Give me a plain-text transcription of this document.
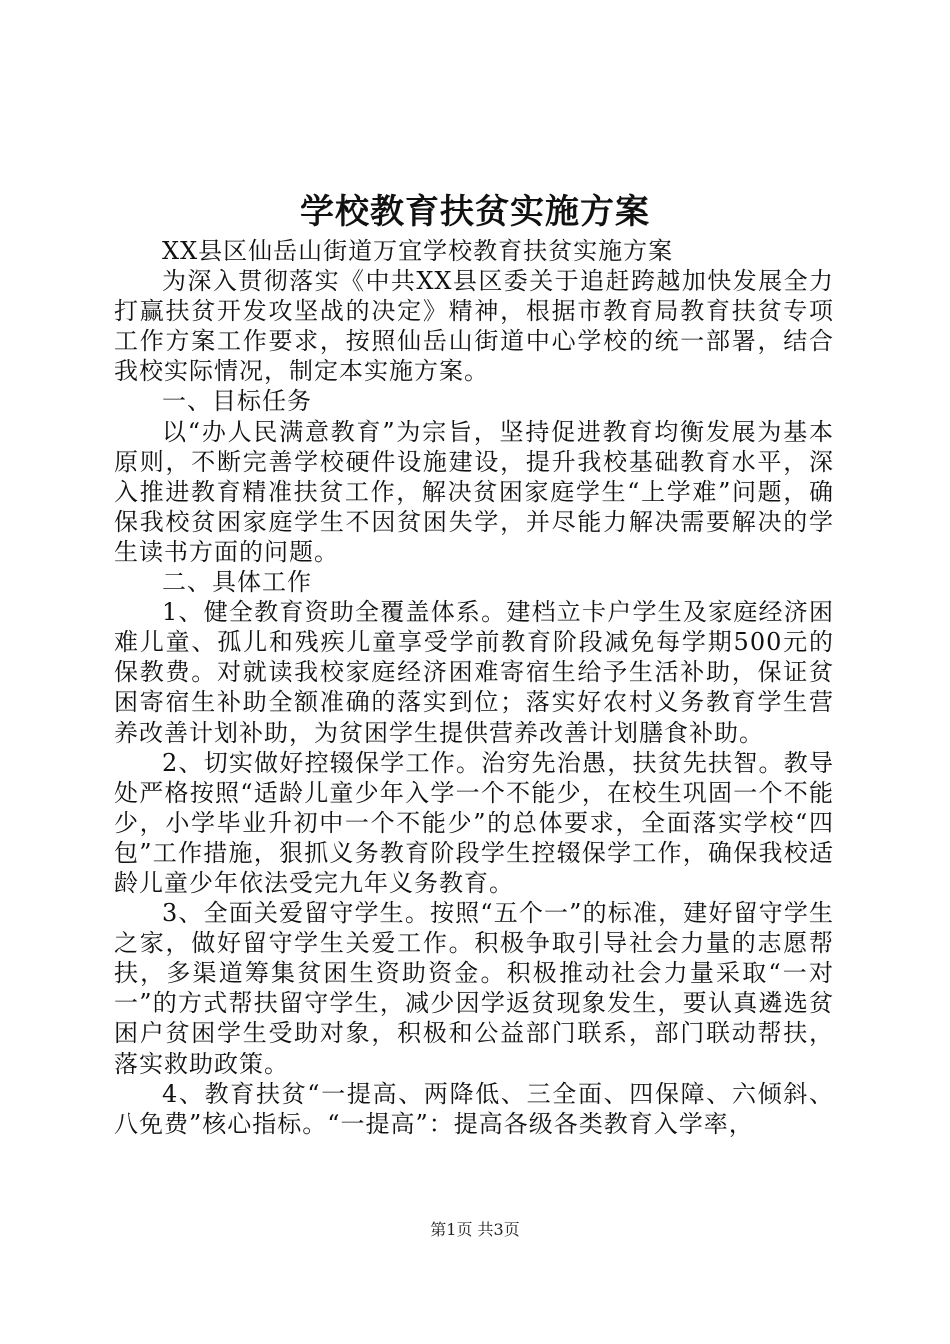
学校教育扶贫实施方案

XX县区仙岳山街道万宜学校教育扶贫实施方案

为深入贯彻落实《中共XX县区委关于追赶跨越加快发展全力打赢扶贫开发攻坚战的决定》精神，根据市教育局教育扶贫专项工作方案工作要求，按照仙岳山街道中心学校的统一部署，结合我校实际情况，制定本实施方案。

一、目标任务

以“办人民满意教育”为宗旨，坚持促进教育均衡发展为基本原则，不断完善学校硬件设施建设，提升我校基础教育水平，深入推进教育精准扶贫工作，解决贫困家庭学生“上学难”问题，确保我校贫困家庭学生不因贫困失学，并尽能力解决需要解决的学生读书方面的问题。

二、具体工作

1、健全教育资助全覆盖体系。建档立卡户学生及家庭经济困难儿童、孤儿和残疾儿童享受学前教育阶段减免每学期500元的保教费。对就读我校家庭经济困难寄宿生给予生活补助，保证贫困寄宿生补助全额准确的落实到位；落实好农村义务教育学生营养改善计划补助，为贫困学生提供营养改善计划膳食补助。

2、切实做好控辍保学工作。治穷先治愚，扶贫先扶智。教导处严格按照“适龄儿童少年入学一个不能少，在校生巩固一个不能少，小学毕业升初中一个不能少”的总体要求，全面落实学校“四包”工作措施，狠抓义务教育阶段学生控辍保学工作，确保我校适龄儿童少年依法受完九年义务教育。

3、全面关爱留守学生。按照“五个一”的标准，建好留守学生之家，做好留守学生关爱工作。积极争取引导社会力量的志愿帮扶，多渠道筹集贫困生资助资金。积极推动社会力量采取“一对一”的方式帮扶留守学生，减少因学返贫现象发生，要认真遴选贫困户贫困学生受助对象，积极和公益部门联系，部门联动帮扶，落实救助政策。

4、教育扶贫“一提高、两降低、三全面、四保障、六倾斜、八免费”核心指标。“一提高”：提高各级各类教育入学率，

第1页 共3页
